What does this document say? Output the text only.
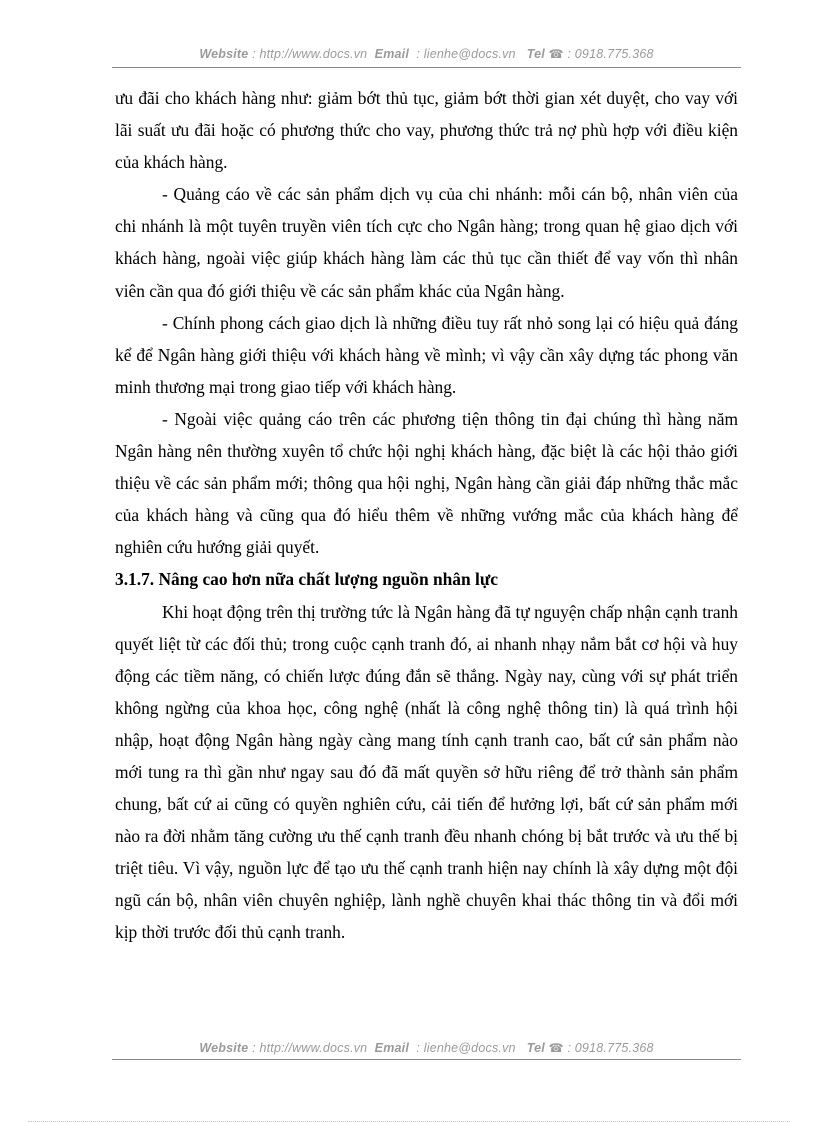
Website : http://www.docs.vn Email : lienhe@docs.vn Tel ☎ : 0918.775.368

ưu đãi cho khách hàng như: giảm bớt thủ tục, giảm bớt thời gian xét duyệt, cho vay với lãi suất ưu đãi hoặc có phương thức cho vay, phương thức trả nợ phù hợp với điều kiện của khách hàng.

- Quảng cáo về các sản phẩm dịch vụ của chi nhánh: mỗi cán bộ, nhân viên của chi nhánh là một tuyên truyền viên tích cực cho Ngân hàng; trong quan hệ giao dịch với khách hàng, ngoài việc giúp khách hàng làm các thủ tục cần thiết để vay vốn thì nhân viên cần qua đó giới thiệu về các sản phẩm khác của Ngân hàng.

- Chính phong cách giao dịch là những điều tuy rất nhỏ song lại có hiệu quả đáng kể để Ngân hàng giới thiệu với khách hàng về mình; vì vậy cần xây dựng tác phong văn minh thương mại trong giao tiếp với khách hàng.

- Ngoài việc quảng cáo trên các phương tiện thông tin đại chúng thì hàng năm Ngân hàng nên thường xuyên tổ chức hội nghị khách hàng, đặc biệt là các hội thảo giới thiệu về các sản phẩm mới; thông qua hội nghị, Ngân hàng cần giải đáp những thắc mắc của khách hàng và cũng qua đó hiểu thêm về những vướng mắc của khách hàng để nghiên cứu hướng giải quyết.

3.1.7. Nâng cao hơn nữa chất lượng nguồn nhân lực

Khi hoạt động trên thị trường tức là Ngân hàng đã tự nguyện chấp nhận cạnh tranh quyết liệt từ các đối thủ; trong cuộc cạnh tranh đó, ai nhanh nhạy nắm bắt cơ hội và huy động các tiềm năng, có chiến lược đúng đắn sẽ thắng. Ngày nay, cùng với sự phát triển không ngừng của khoa học, công nghệ (nhất là công nghệ thông tin) là quá trình hội nhập, hoạt động Ngân hàng ngày càng mang tính cạnh tranh cao, bất cứ sản phẩm nào mới tung ra thì gần như ngay sau đó đã mất quyền sở hữu riêng để trở thành sản phẩm chung, bất cứ ai cũng có quyền nghiên cứu, cải tiến để hưởng lợi, bất cứ sản phẩm mới nào ra đời nhằm tăng cường ưu thế cạnh tranh đều nhanh chóng bị bắt trước và ưu thế bị triệt tiêu. Vì vậy, nguồn lực để tạo ưu thế cạnh tranh hiện nay chính là xây dựng một đội ngũ cán bộ, nhân viên chuyên nghiệp, lành nghề chuyên khai thác thông tin và đổi mới kịp thời trước đối thủ cạnh tranh.

Website : http://www.docs.vn Email : lienhe@docs.vn Tel ☎ : 0918.775.368
